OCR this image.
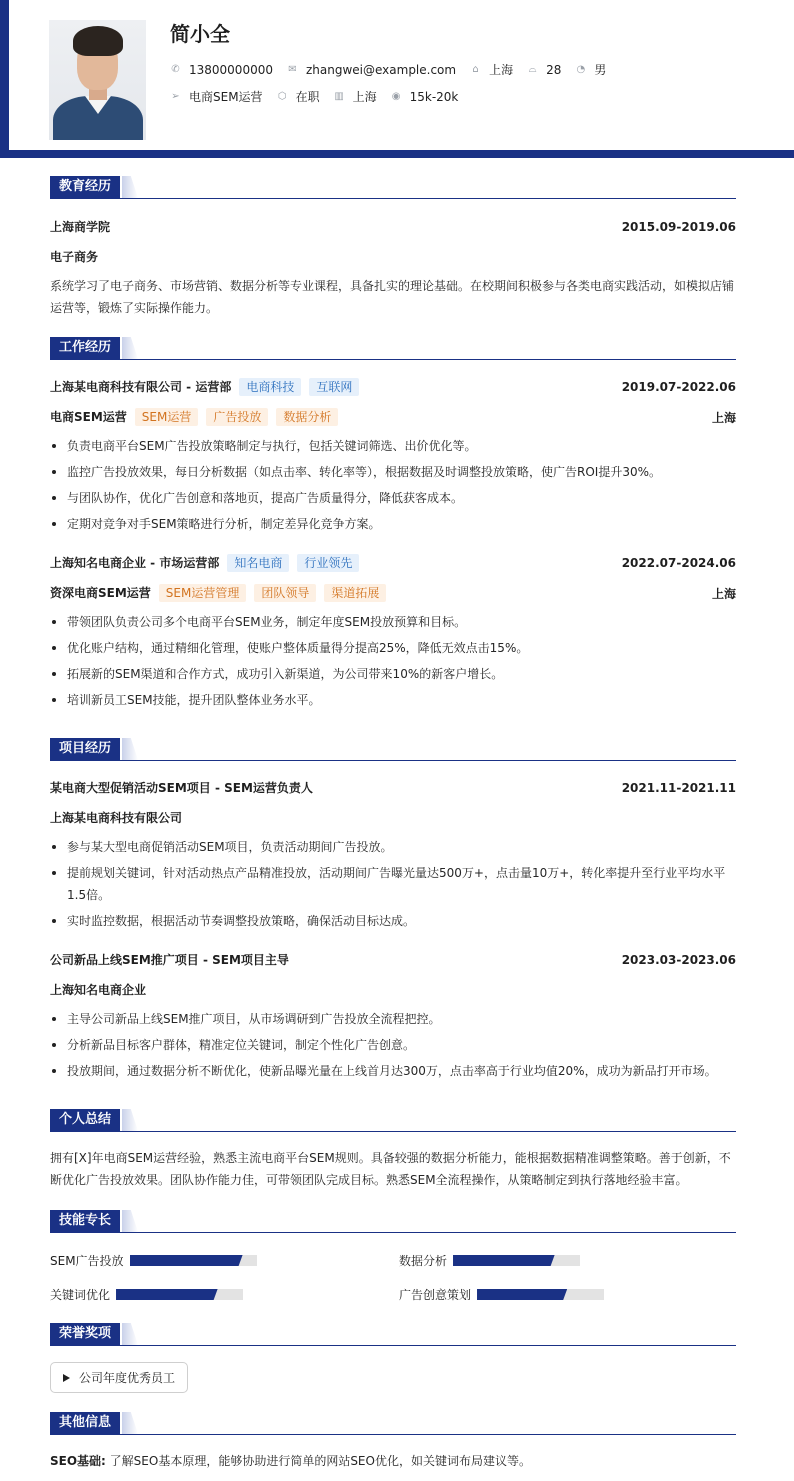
简小全
✆ 13800000000 ✉ zhangwei@example.com ⌂ 上海 ⌓ 28 ◔ 男
➢ 电商SEM运营 ⬡ 在职 ▥ 上海 ◉ 15k-20k
教育经历
上海商学院	2015.09-2019.06
电子商务
系统学习了电子商务、市场营销、数据分析等专业课程，具备扎实的理论基础。在校期间积极参与各类电商实践活动，如模拟店铺运营等，锻炼了实际操作能力。
工作经历
上海某电商科技有限公司 - 运营部 电商科技 互联网	2019.07-2022.06
电商SEM运营 SEM运营 广告投放 数据分析	上海
负责电商平台SEM广告投放策略制定与执行，包括关键词筛选、出价优化等。
监控广告投放效果，每日分析数据（如点击率、转化率等），根据数据及时调整投放策略，使广告ROI提升30%。
与团队协作，优化广告创意和落地页，提高广告质量得分，降低获客成本。
定期对竞争对手SEM策略进行分析，制定差异化竞争方案。
上海知名电商企业 - 市场运营部 知名电商 行业领先	2022.07-2024.06
资深电商SEM运营 SEM运营管理 团队领导 渠道拓展	上海
带领团队负责公司多个电商平台SEM业务，制定年度SEM投放预算和目标。
优化账户结构，通过精细化管理，使账户整体质量得分提高25%，降低无效点击15%。
拓展新的SEM渠道和合作方式，成功引入新渠道，为公司带来10%的新客户增长。
培训新员工SEM技能，提升团队整体业务水平。
项目经历
某电商大型促销活动SEM项目 - SEM运营负责人	2021.11-2021.11
上海某电商科技有限公司
参与某大型电商促销活动SEM项目，负责活动期间广告投放。
提前规划关键词，针对活动热点产品精准投放，活动期间广告曝光量达500万+，点击量10万+，转化率提升至行业平均水平1.5倍。
实时监控数据，根据活动节奏调整投放策略，确保活动目标达成。
公司新品上线SEM推广项目 - SEM项目主导	2023.03-2023.06
上海知名电商企业
主导公司新品上线SEM推广项目，从市场调研到广告投放全流程把控。
分析新品目标客户群体，精准定位关键词，制定个性化广告创意。
投放期间，通过数据分析不断优化，使新品曝光量在上线首月达300万，点击率高于行业均值20%，成功为新品打开市场。
个人总结
拥有[X]年电商SEM运营经验，熟悉主流电商平台SEM规则。具备较强的数据分析能力，能根据数据精准调整策略。善于创新，不断优化广告投放效果。团队协作能力佳，可带领团队完成目标。熟悉SEM全流程操作，从策略制定到执行落地经验丰富。
技能专长
SEM广告投放	数据分析
关键词优化	广告创意策划
荣誉奖项
公司年度优秀员工
其他信息
SEO基础: 了解SEO基本原理，能够协助进行简单的网站SEO优化，如关键词布局建议等。
